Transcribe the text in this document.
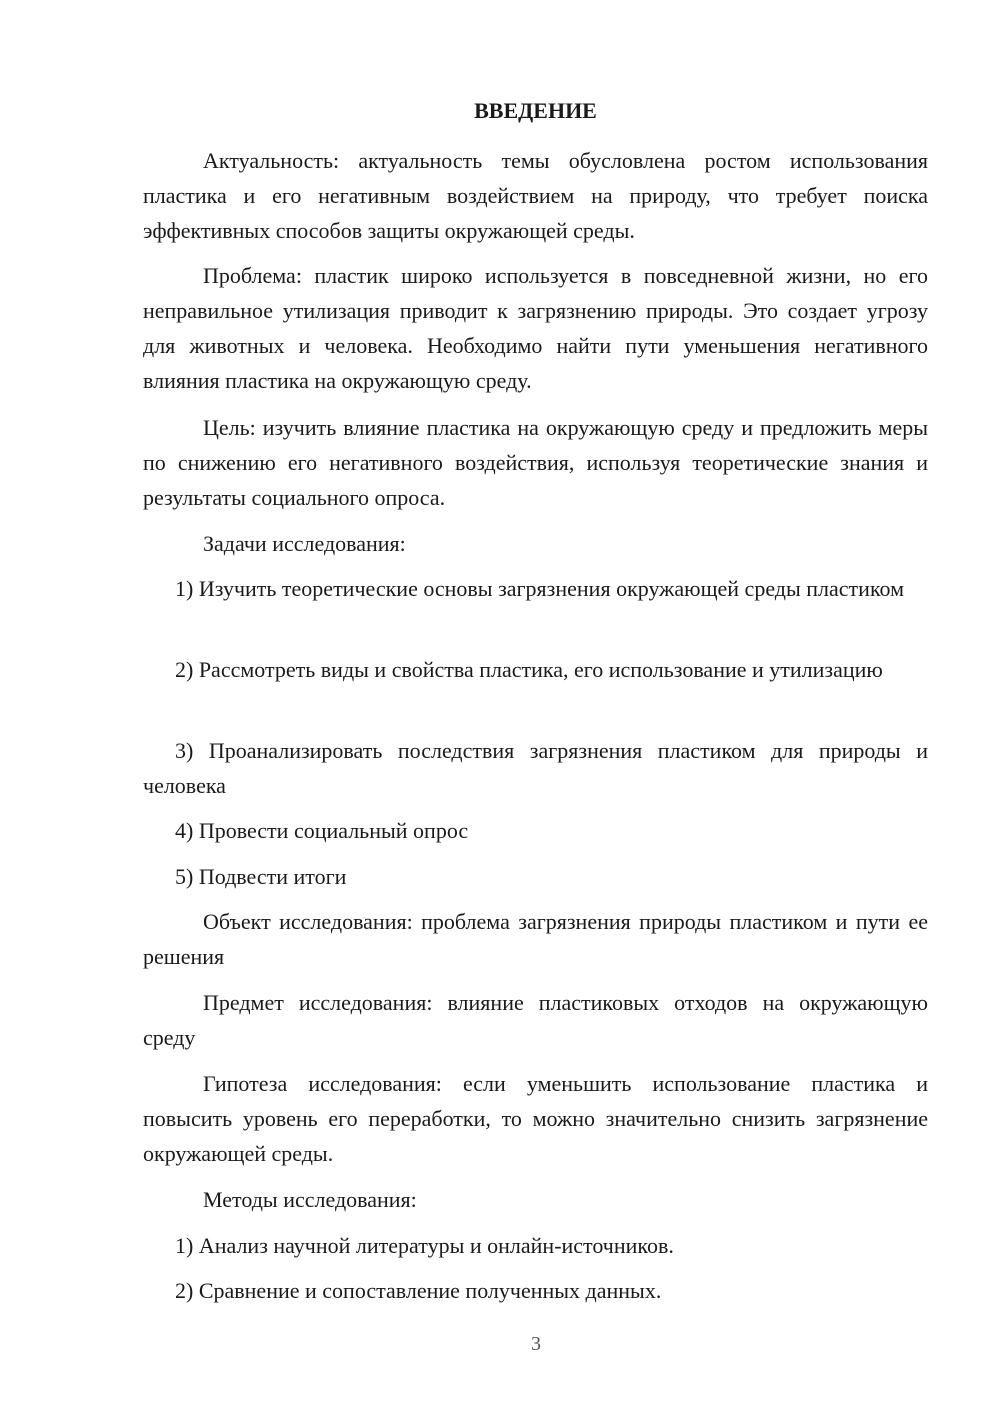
ВВЕДЕНИЕ

Актуальность: актуальность темы обусловлена ростом использования пластика и его негативным воздействием на природу, что требует поиска эффективных способов защиты окружающей среды.

Проблема: пластик широко используется в повседневной жизни, но его неправильное утилизация приводит к загрязнению природы. Это создает угрозу для животных и человека. Необходимо найти пути уменьшения негативного влияния пластика на окружающую среду.

Цель: изучить влияние пластика на окружающую среду и предложить меры по снижению его негативного воздействия, используя теоретические знания и результаты социального опроса.

Задачи исследования:

1) Изучить теоретические основы загрязнения окружающей среды пластиком

2) Рассмотреть виды и свойства пластика, его использование и утилизацию

3) Проанализировать последствия загрязнения пластиком для природы и человека

4) Провести социальный опрос

5) Подвести итоги

Объект исследования: проблема загрязнения природы пластиком и пути ее решения

Предмет исследования: влияние пластиковых отходов на окружающую среду

Гипотеза исследования: если уменьшить использование пластика и повысить уровень его переработки, то можно значительно снизить загрязнение окружающей среды.

Методы исследования:

1) Анализ научной литературы и онлайн-источников.

2) Сравнение и сопоставление полученных данных.

3
